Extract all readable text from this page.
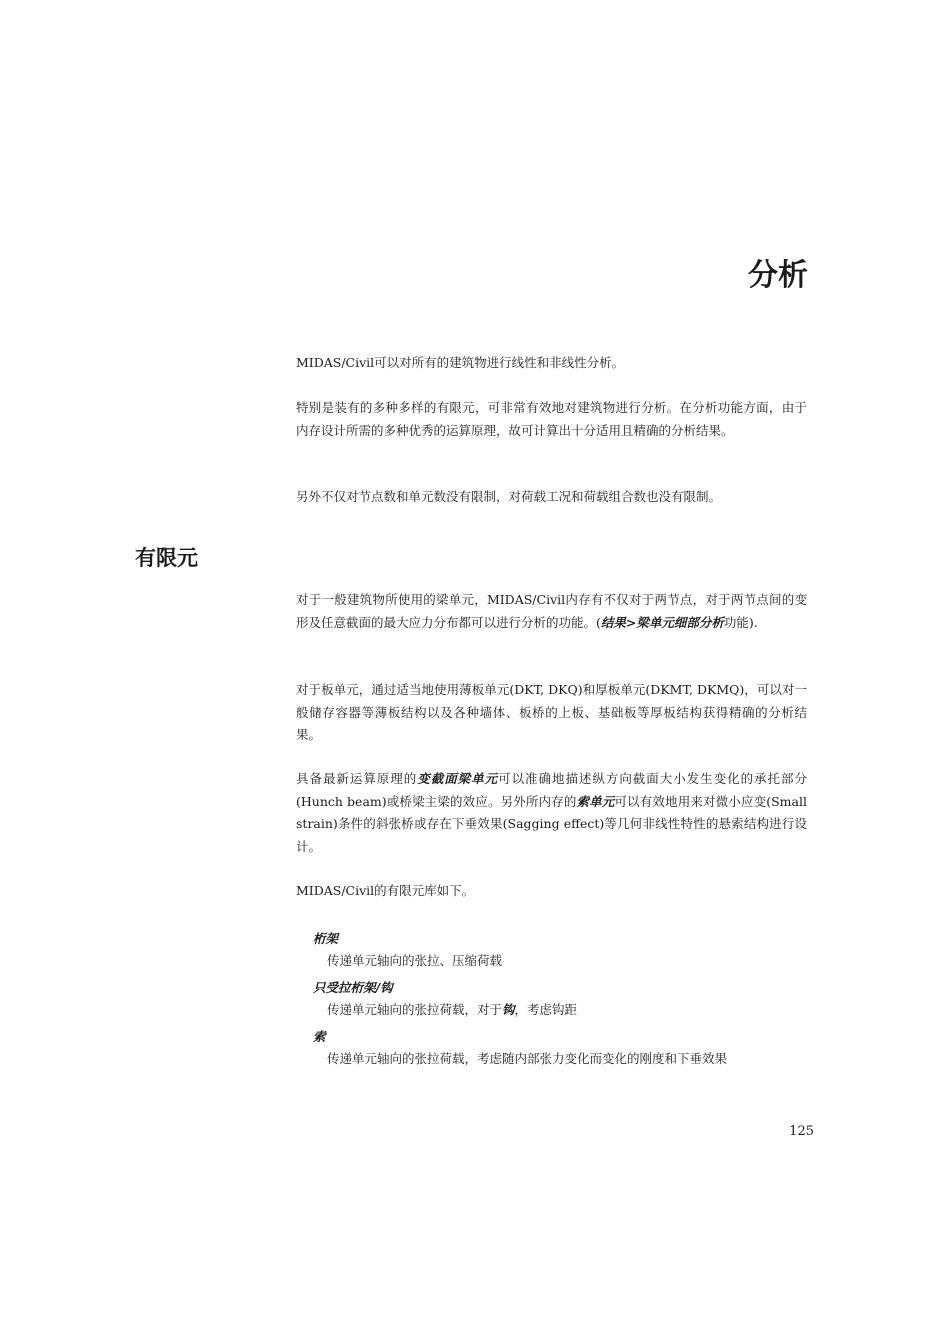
分析

MIDAS/Civil可以对所有的建筑物进行线性和非线性分析。

特别是装有的多种多样的有限元，可非常有效地对建筑物进行分析。在分析功能方面，由于内存设计所需的多种优秀的运算原理，故可计算出十分适用且精确的分析结果。

另外不仅对节点数和单元数没有限制，对荷载工况和荷载组合数也没有限制。

有限元

对于一般建筑物所使用的梁单元，MIDAS/Civil内存有不仅对于两节点，对于两节点间的变形及任意截面的最大应力分布都可以进行分析的功能。(结果>梁单元细部分析功能).

对于板单元，通过适当地使用薄板单元(DKT, DKQ)和厚板单元(DKMT, DKMQ)，可以对一般储存容器等薄板结构以及各种墙体、板桥的上板、基础板等厚板结构获得精确的分析结果。

具备最新运算原理的变截面梁单元可以准确地描述纵方向截面大小发生变化的承托部分(Hunch beam)或桥梁主梁的效应。另外所内存的索单元可以有效地用来对微小应变(Small strain)条件的斜张桥或存在下垂效果(Sagging effect)等几何非线性特性的悬索结构进行设计。

MIDAS/Civil的有限元库如下。

桁架

传递单元轴向的张拉、压缩荷载

只受拉桁架/钩

传递单元轴向的张拉荷载，对于钩，考虑钩距

索

传递单元轴向的张拉荷载，考虑随内部张力变化而变化的刚度和下垂效果

125
